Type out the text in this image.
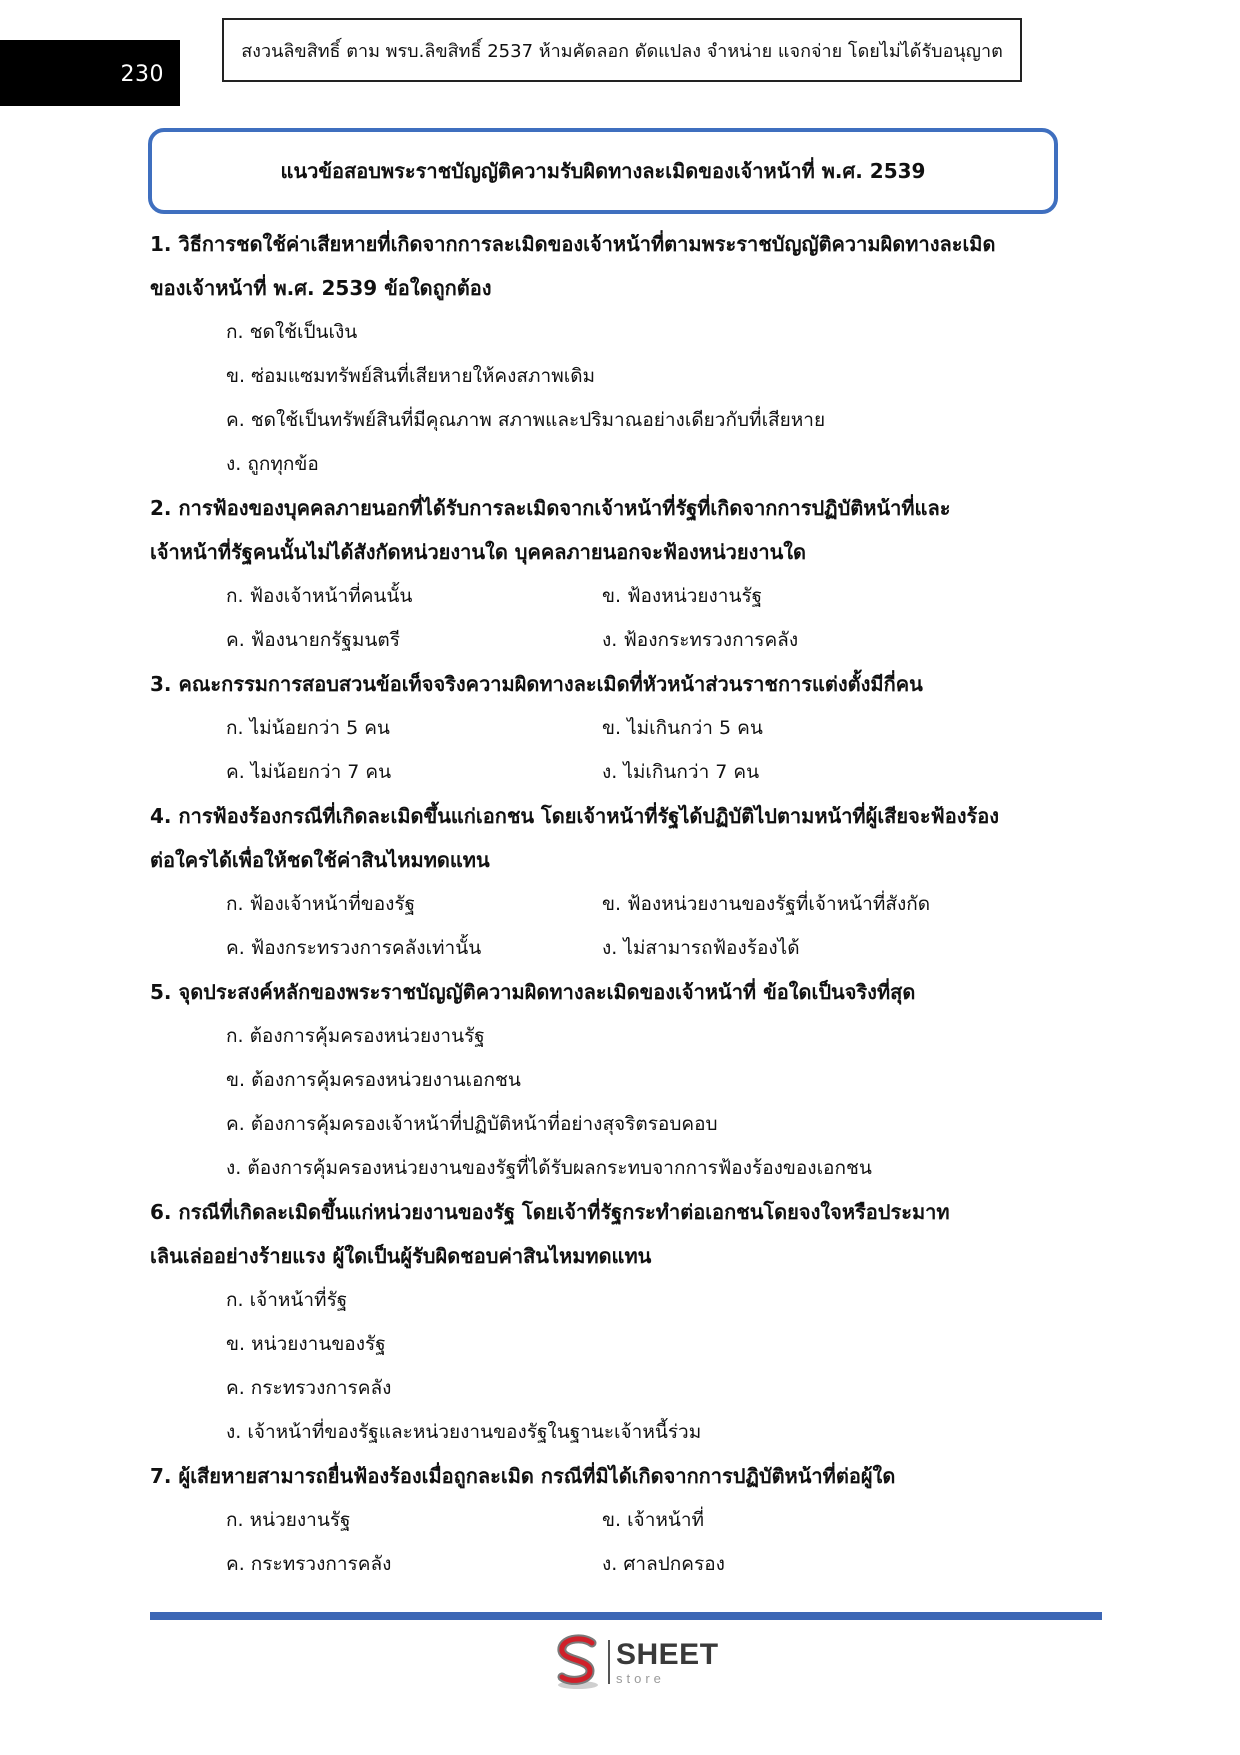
230
สงวนลิขสิทธิ์ ตาม พรบ.ลิขสิทธิ์ 2537 ห้ามคัดลอก ดัดแปลง จำหน่าย แจกจ่าย โดยไม่ได้รับอนุญาต
แนวข้อสอบพระราชบัญญัติความรับผิดทางละเมิดของเจ้าหน้าที่ พ.ศ. 2539

1. วิธีการชดใช้ค่าเสียหายที่เกิดจากการละเมิดของเจ้าหน้าที่ตามพระราชบัญญัติความผิดทางละเมิด

ของเจ้าหน้าที่ พ.ศ. 2539 ข้อใดถูกต้อง

ก. ชดใช้เป็นเงิน

ข. ซ่อมแซมทรัพย์สินที่เสียหายให้คงสภาพเดิม

ค. ชดใช้เป็นทรัพย์สินที่มีคุณภาพ สภาพและปริมาณอย่างเดียวกับที่เสียหาย

ง. ถูกทุกข้อ

2. การฟ้องของบุคคลภายนอกที่ได้รับการละเมิดจากเจ้าหน้าที่รัฐที่เกิดจากการปฏิบัติหน้าที่และ

เจ้าหน้าที่รัฐคนนั้นไม่ได้สังกัดหน่วยงานใด บุคคลภายนอกจะฟ้องหน่วยงานใด

ก. ฟ้องเจ้าหน้าที่คนนั้น	ข. ฟ้องหน่วยงานรัฐ

ค. ฟ้องนายกรัฐมนตรี	ง. ฟ้องกระทรวงการคลัง

3. คณะกรรมการสอบสวนข้อเท็จจริงความผิดทางละเมิดที่หัวหน้าส่วนราชการแต่งตั้งมีกี่คน

ก. ไม่น้อยกว่า 5 คน	ข. ไม่เกินกว่า 5 คน

ค. ไม่น้อยกว่า 7 คน	ง. ไม่เกินกว่า 7 คน

4. การฟ้องร้องกรณีที่เกิดละเมิดขึ้นแก่เอกชน โดยเจ้าหน้าที่รัฐได้ปฏิบัติไปตามหน้าที่ผู้เสียจะฟ้องร้อง

ต่อใครได้เพื่อให้ชดใช้ค่าสินไหมทดแทน

ก. ฟ้องเจ้าหน้าที่ของรัฐ	ข. ฟ้องหน่วยงานของรัฐที่เจ้าหน้าที่สังกัด

ค. ฟ้องกระทรวงการคลังเท่านั้น	ง. ไม่สามารถฟ้องร้องได้

5. จุดประสงค์หลักของพระราชบัญญัติความผิดทางละเมิดของเจ้าหน้าที่ ข้อใดเป็นจริงที่สุด

ก. ต้องการคุ้มครองหน่วยงานรัฐ

ข. ต้องการคุ้มครองหน่วยงานเอกชน

ค. ต้องการคุ้มครองเจ้าหน้าที่ปฏิบัติหน้าที่อย่างสุจริตรอบคอบ

ง. ต้องการคุ้มครองหน่วยงานของรัฐที่ได้รับผลกระทบจากการฟ้องร้องของเอกชน

6. กรณีที่เกิดละเมิดขึ้นแก่หน่วยงานของรัฐ โดยเจ้าที่รัฐกระทำต่อเอกชนโดยจงใจหรือประมาท

เลินเล่ออย่างร้ายแรง ผู้ใดเป็นผู้รับผิดชอบค่าสินไหมทดแทน

ก. เจ้าหน้าที่รัฐ

ข. หน่วยงานของรัฐ

ค. กระทรวงการคลัง

ง. เจ้าหน้าที่ของรัฐและหน่วยงานของรัฐในฐานะเจ้าหนี้ร่วม

7. ผู้เสียหายสามารถยื่นฟ้องร้องเมื่อถูกละเมิด กรณีที่มิได้เกิดจากการปฏิบัติหน้าที่ต่อผู้ใด

ก. หน่วยงานรัฐ	ข. เจ้าหน้าที่

ค. กระทรวงการคลัง	ง. ศาลปกครอง

SHEET
store
